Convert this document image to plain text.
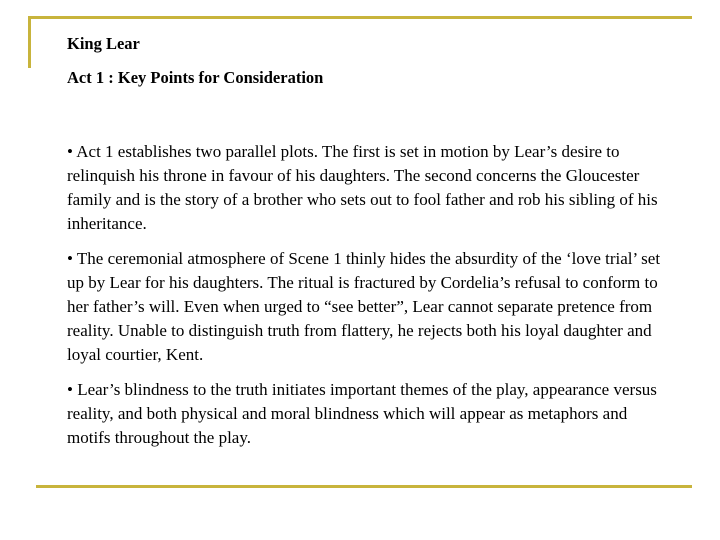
King Lear
Act 1 : Key Points for Consideration

• Act 1 establishes two parallel plots. The first is set in motion by Lear’s desire to relinquish his throne in favour of his daughters. The second concerns the Gloucester family and is the story of a brother who sets out to fool father and rob his sibling of his inheritance.

• The ceremonial atmosphere of Scene 1 thinly hides the absurdity of the ‘love trial’ set up by Lear for his daughters. The ritual is fractured by Cordelia’s refusal to conform to her father’s will. Even when urged to “see better”, Lear cannot separate pretence from reality. Unable to distinguish truth from flattery, he rejects both his loyal daughter and loyal courtier, Kent.

• Lear’s blindness to the truth initiates important themes of the play, appearance versus reality, and both physical and moral blindness which will appear as metaphors and motifs throughout the play.
